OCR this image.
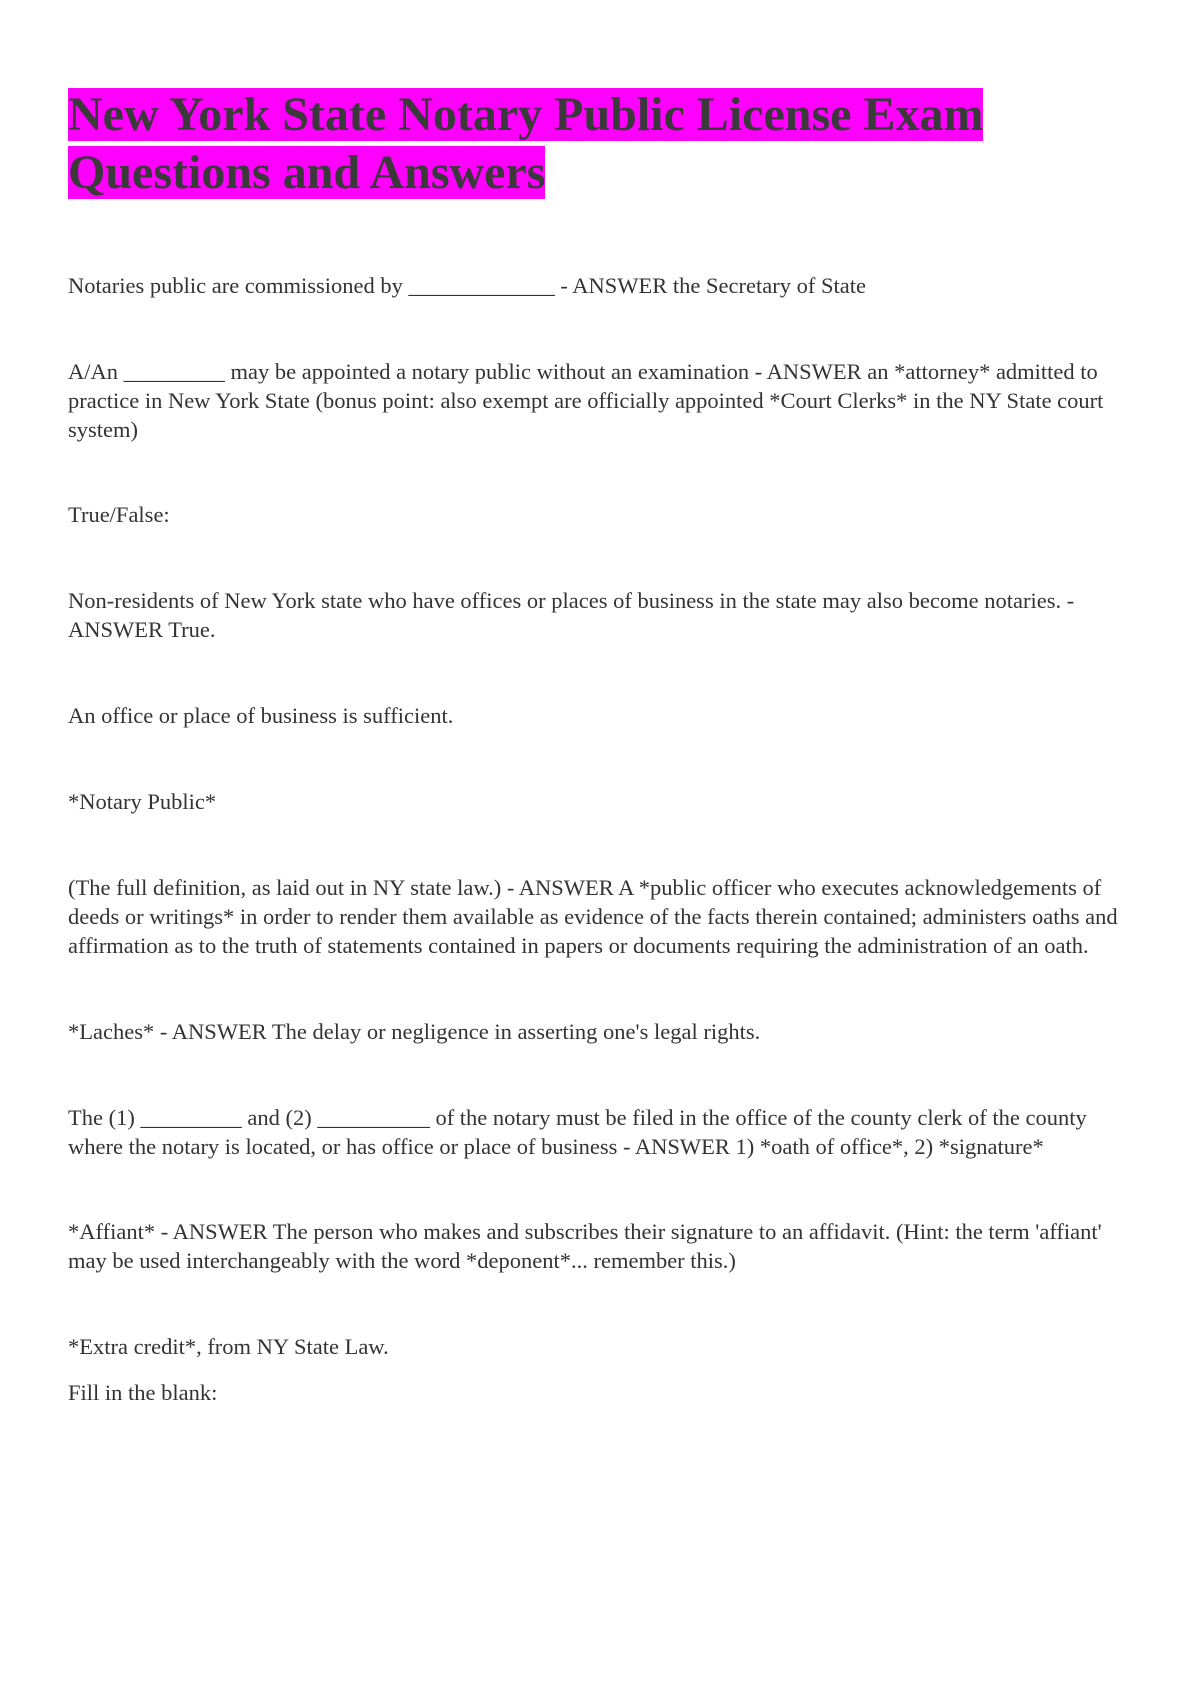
New York State Notary Public License Exam Questions and Answers

Notaries public are commissioned by _____________ - ANSWER the Secretary of State

A/An _________ may be appointed a notary public without an examination - ANSWER an *attorney* admitted to practice in New York State (bonus point: also exempt are officially appointed *Court Clerks* in the NY State court system)

True/False:

Non-residents of New York state who have offices or places of business in the state may also become notaries. - ANSWER True.

An office or place of business is sufficient.

*Notary Public*

(The full definition, as laid out in NY state law.) - ANSWER A *public officer who executes acknowledgements of deeds or writings* in order to render them available as evidence of the facts therein contained; administers oaths and affirmation as to the truth of statements contained in papers or documents requiring the administration of an oath.

*Laches* - ANSWER The delay or negligence in asserting one's legal rights.

The (1) _________ and (2) __________ of the notary must be filed in the office of the county clerk of the county where the notary is located, or has office or place of business - ANSWER 1) *oath of office*, 2) *signature*

*Affiant* - ANSWER The person who makes and subscribes their signature to an affidavit. (Hint: the term 'affiant' may be used interchangeably with the word *deponent*... remember this.)

*Extra credit*, from NY State Law.

Fill in the blank:
